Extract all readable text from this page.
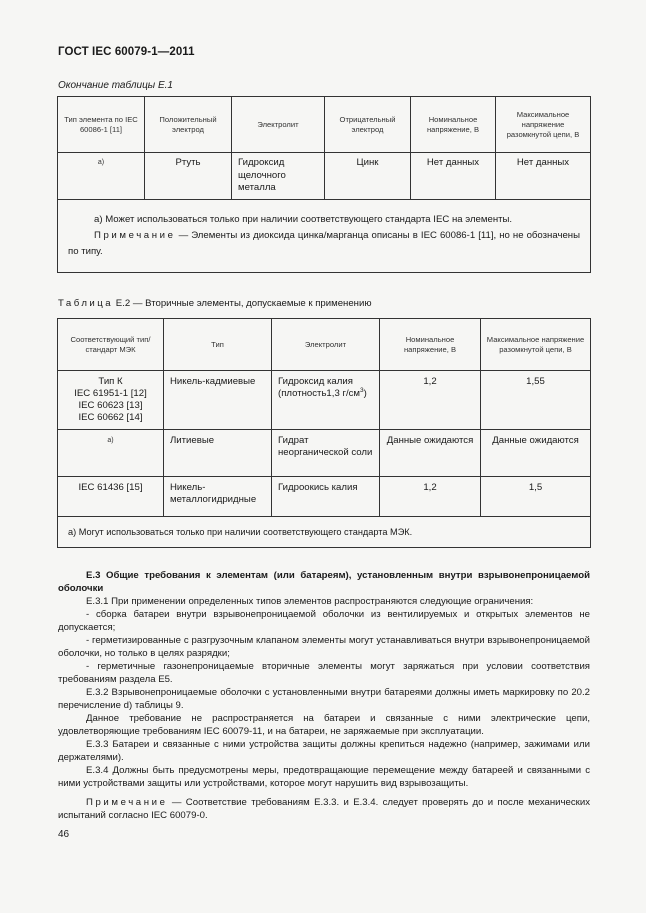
ГОСТ IEC 60079-1—2011
Окончание таблицы Е.1
Тип элемента по IEC 60086-1 [11]	Положительный электрод	Электролит	Отрицательный электрод	Номинальное напряжение, В	Максимальное напряжение разомкнутой цепи, В
а)	Ртуть	Гидроксид щелочного металла	Цинк	Нет данных	Нет данных

а) Может использоваться только при наличии соответствующего стандарта IEC на элементы.
Примечание — Элементы из диоксида цинка/марганца описаны в IEC 60086-1 [11], но не обозначены по типу.					
Таблица Е.2 — Вторичные элементы, допускаемые к применению
Соответствующий тип/стандарт МЭК	Тип	Электролит	Номинальное напряжение, В	Максимальное напряжение разомкнутой цепи, В

Тип К
IEC 61951-1 [12]
IEC 60623 [13]
IEC 60662 [14]	Никель-кадмиевые	Гидроксид калия (плотность1,3 $г/см^3$)	1,2	1,55
а)	Литиевые	Гидрат неорганической соли	Данные ожидаются	Данные ожидаются
IEC 61436 [15]	Никель-металлогидридные	Гидроокись калия	1,2	1,5
а) Могут использоваться только при наличии соответствующего стандарта МЭК.				

Е.3 Общие требования к элементам (или батареям), установленным внутри взрывонепроницаемой оболочки

Е.3.1 При применении определенных типов элементов распространяются следующие ограничения:

- сборка батареи внутри взрывонепроницаемой оболочки из вентилируемых и открытых элементов не допускается;

- герметизированные с разгрузочным клапаном элементы могут устанавливаться внутри взрывонепроницаемой оболочки, но только в целях разрядки;

- герметичные газонепроницаемые вторичные элементы могут заряжаться при условии соответствия требованиям раздела Е5.

Е.3.2 Взрывонепроницаемые оболочки с установленными внутри батареями должны иметь маркировку по 20.2 перечисление d) таблицы 9.

Данное требование не распространяется на батареи и связанные с ними электрические цепи, удовлетворяющие требованиям IEC 60079-11, и на батареи, не заряжаемые при эксплуатации.

Е.3.3 Батареи и связанные с ними устройства защиты должны крепиться надежно (например, зажимами или держателями).

Е.3.4 Должны быть предусмотрены меры, предотвращающие перемещение между батареей и связанными с ними устройствами защиты или устройствами, которое могут нарушить вид взрывозащиты.

Примечание — Соответствие требованиям Е.3.3. и Е.3.4. следует проверять до и после механических испытаний согласно IEC 60079-0.

46
